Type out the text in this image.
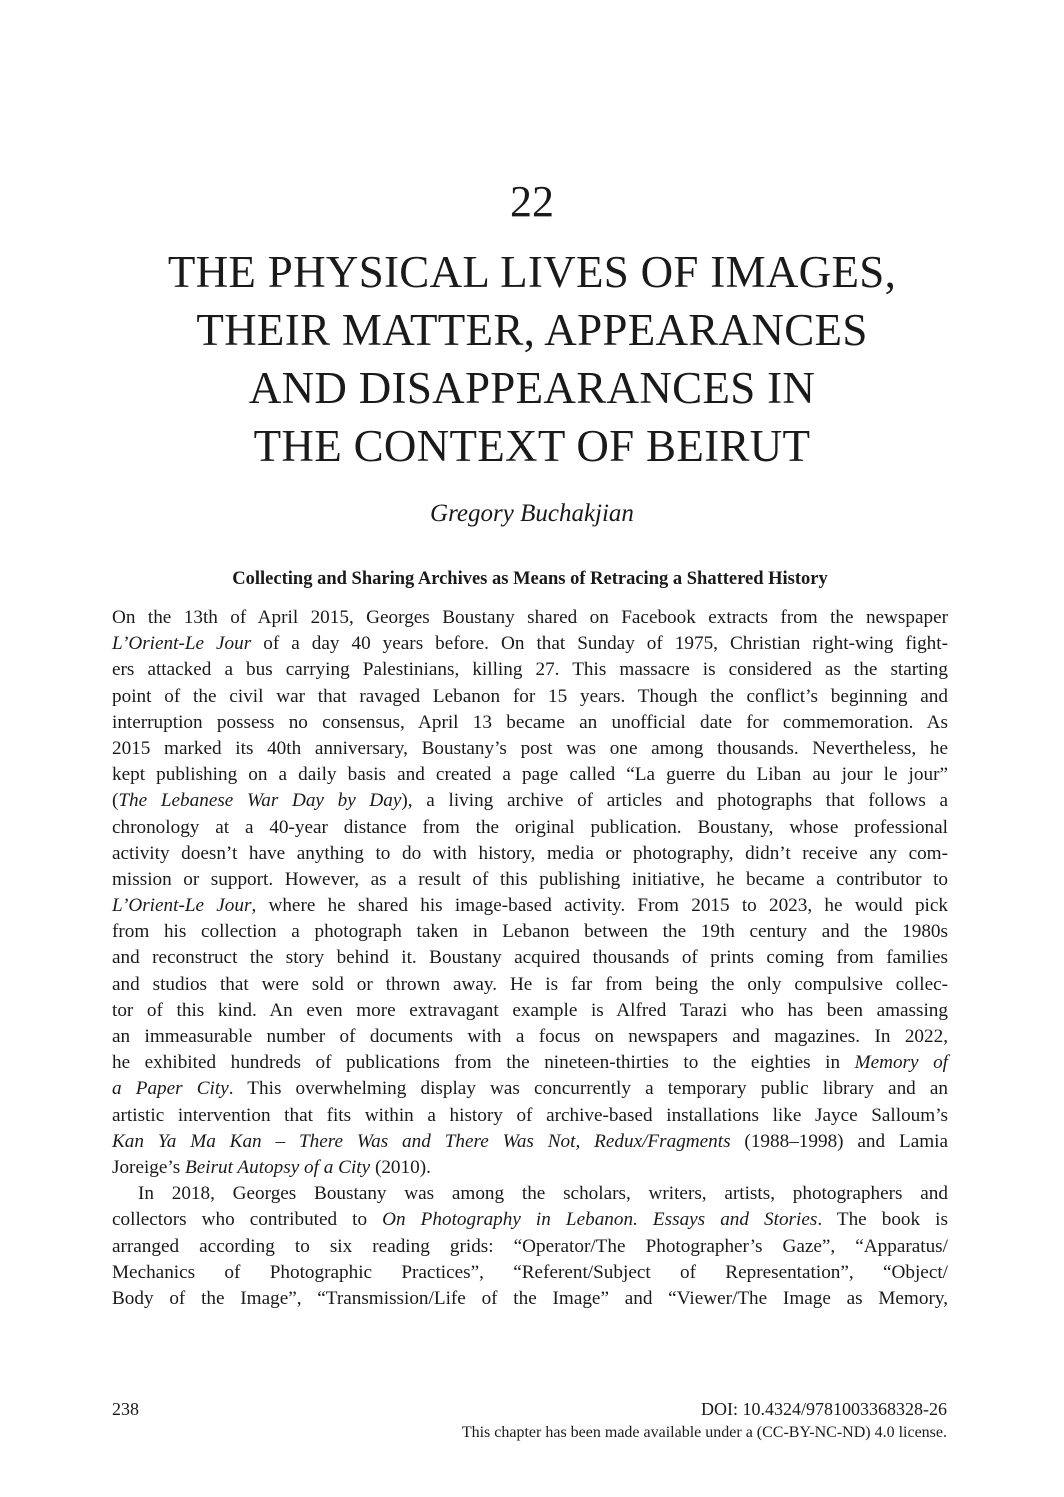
22
THE PHYSICAL LIVES OF IMAGES,
THEIR MATTER, APPEARANCES
AND DISAPPEARANCES IN
THE CONTEXT OF BEIRUT

Gregory Buchakjian

Collecting and Sharing Archives as Means of Retracing a Shattered History
On the 13th of April 2015, Georges Boustany shared on Facebook extracts from the newspaper
L’Orient-Le Jour of a day 40 years before. On that Sunday of 1975, Christian right-wing fight-
ers attacked a bus carrying Palestinians, killing 27. This massacre is considered as the starting
point of the civil war that ravaged Lebanon for 15 years. Though the conflict’s beginning and
interruption possess no consensus, April 13 became an unofficial date for commemoration. As
2015 marked its 40th anniversary, Boustany’s post was one among thousands. Nevertheless, he
kept publishing on a daily basis and created a page called “La guerre du Liban au jour le jour”
(The Lebanese War Day by Day), a living archive of articles and photographs that follows a
chronology at a 40-year distance from the original publication. Boustany, whose professional
activity doesn’t have anything to do with history, media or photography, didn’t receive any com-
mission or support. However, as a result of this publishing initiative, he became a contributor to
L’Orient-Le Jour, where he shared his image-based activity. From 2015 to 2023, he would pick
from his collection a photograph taken in Lebanon between the 19th century and the 1980s
and reconstruct the story behind it. Boustany acquired thousands of prints coming from families
and studios that were sold or thrown away. He is far from being the only compulsive collec-
tor of this kind. An even more extravagant example is Alfred Tarazi who has been amassing
an immeasurable number of documents with a focus on newspapers and magazines. In 2022,
he exhibited hundreds of publications from the nineteen-thirties to the eighties in Memory of
a Paper City. This overwhelming display was concurrently a temporary public library and an
artistic intervention that fits within a history of archive-based installations like Jayce Salloum’s
Kan Ya Ma Kan – There Was and There Was Not, Redux/Fragments (1988–1998) and Lamia
Joreige’s Beirut Autopsy of a City (2010).
In 2018, Georges Boustany was among the scholars, writers, artists, photographers and
collectors who contributed to On Photography in Lebanon. Essays and Stories. The book is
arranged according to six reading grids: “Operator/The Photographer’s Gaze”, “Apparatus/
Mechanics of Photographic Practices”, “Referent/Subject of Representation”, “Object/
Body of the Image”, “Transmission/Life of the Image” and “Viewer/The Image as Memory,
238	DOI: 10.4324/9781003368328-26
This chapter has been made available under a (CC-BY-NC-ND) 4.0 license.
